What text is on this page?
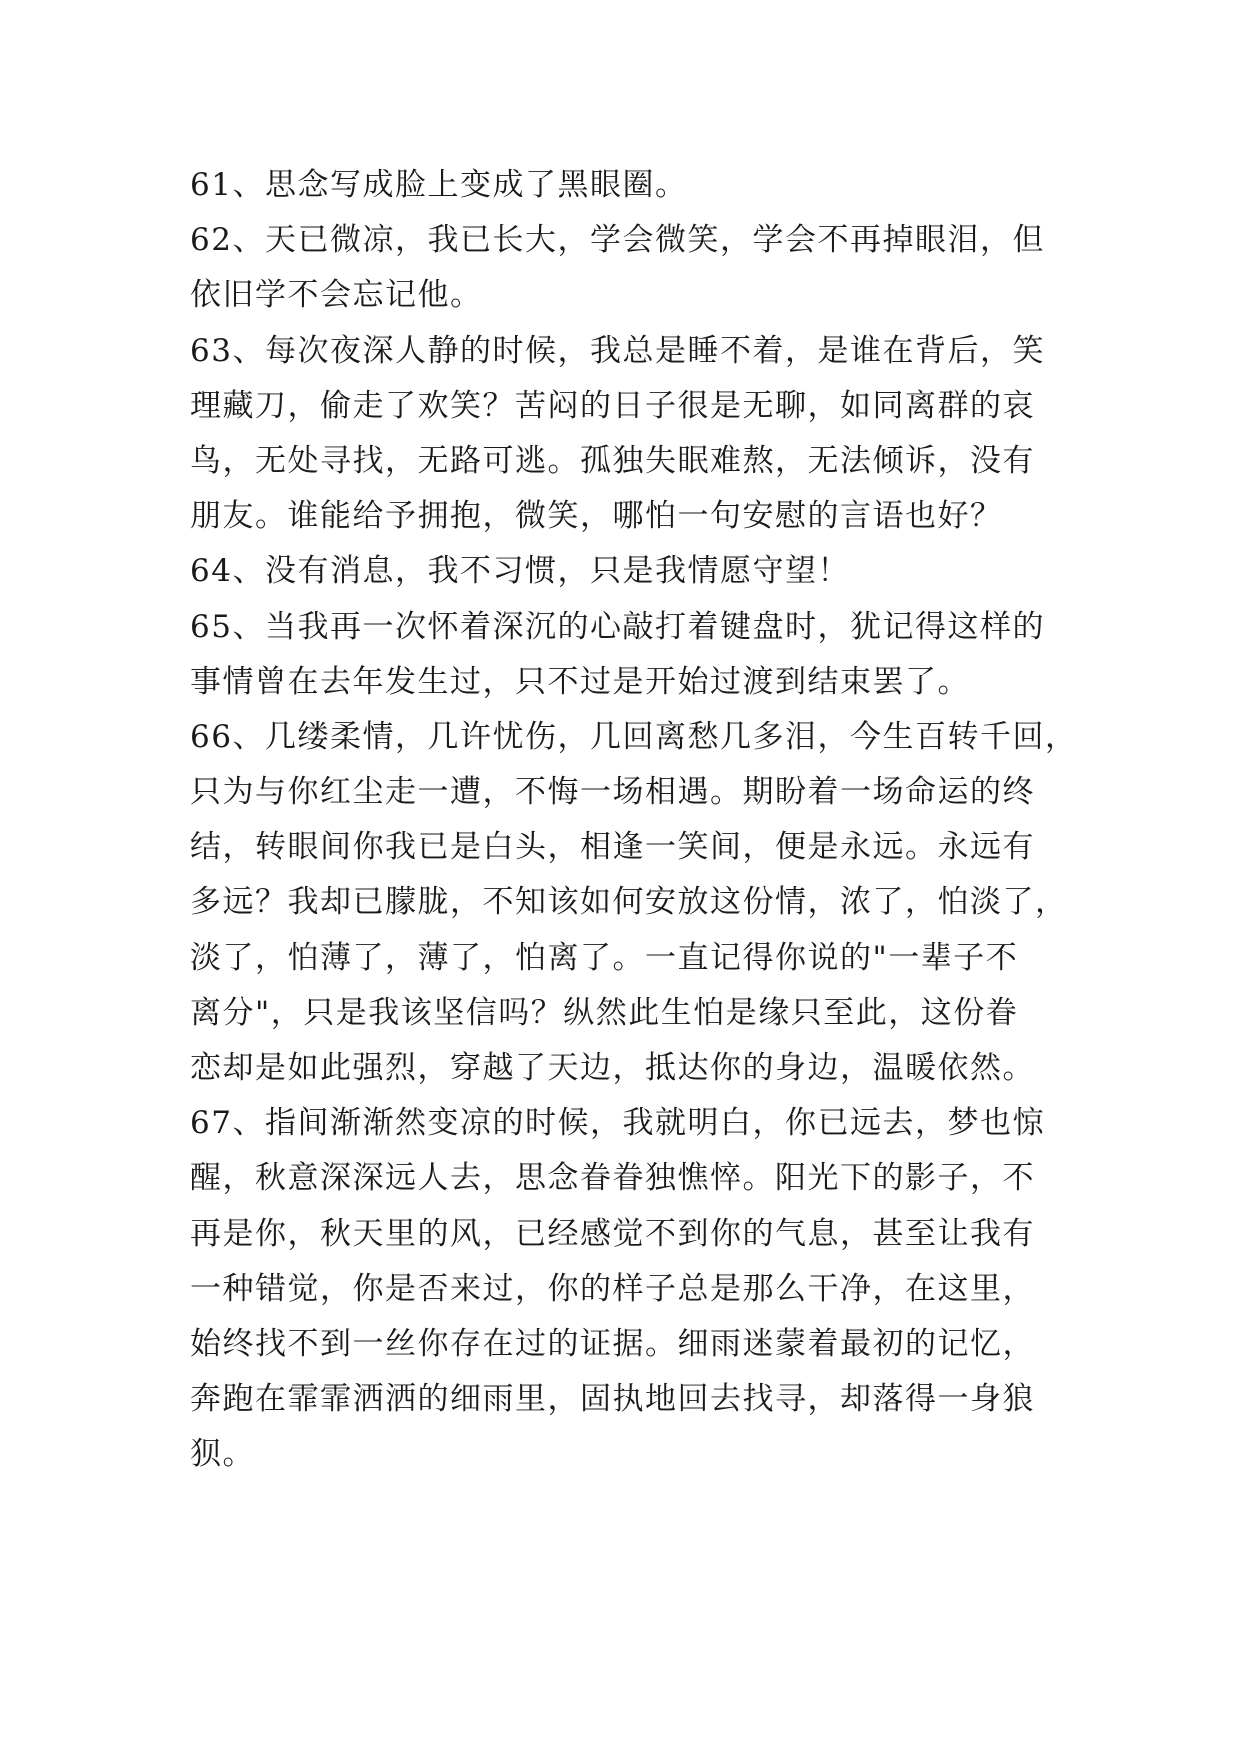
61、思念写成脸上变成了黑眼圈。
62、天已微凉，我已长大，学会微笑，学会不再掉眼泪，但
依旧学不会忘记他。
63、每次夜深人静的时候，我总是睡不着，是谁在背后，笑
理藏刀，偷走了欢笑？苦闷的日子很是无聊，如同离群的哀
鸟，无处寻找，无路可逃。孤独失眠难熬，无法倾诉，没有
朋友。谁能给予拥抱，微笑，哪怕一句安慰的言语也好？
64、没有消息，我不习惯，只是我情愿守望！
65、当我再一次怀着深沉的心敲打着键盘时，犹记得这样的
事情曾在去年发生过，只不过是开始过渡到结束罢了。
66、几缕柔情，几许忧伤，几回离愁几多泪，今生百转千回，
只为与你红尘走一遭，不悔一场相遇。期盼着一场命运的终
结，转眼间你我已是白头，相逢一笑间，便是永远。永远有
多远？我却已朦胧，不知该如何安放这份情，浓了，怕淡了，
淡了，怕薄了，薄了，怕离了。一直记得你说的"一辈子不
离分"，只是我该坚信吗？纵然此生怕是缘只至此，这份眷
恋却是如此强烈，穿越了天边，抵达你的身边，温暖依然。
67、指间渐渐然变凉的时候，我就明白，你已远去，梦也惊
醒，秋意深深远人去，思念眷眷独憔悴。阳光下的影子，不
再是你，秋天里的风，已经感觉不到你的气息，甚至让我有
一种错觉，你是否来过，你的样子总是那么干净，在这里，
始终找不到一丝你存在过的证据。细雨迷蒙着最初的记忆，
奔跑在霏霏洒洒的细雨里，固执地回去找寻，却落得一身狼
狈。
